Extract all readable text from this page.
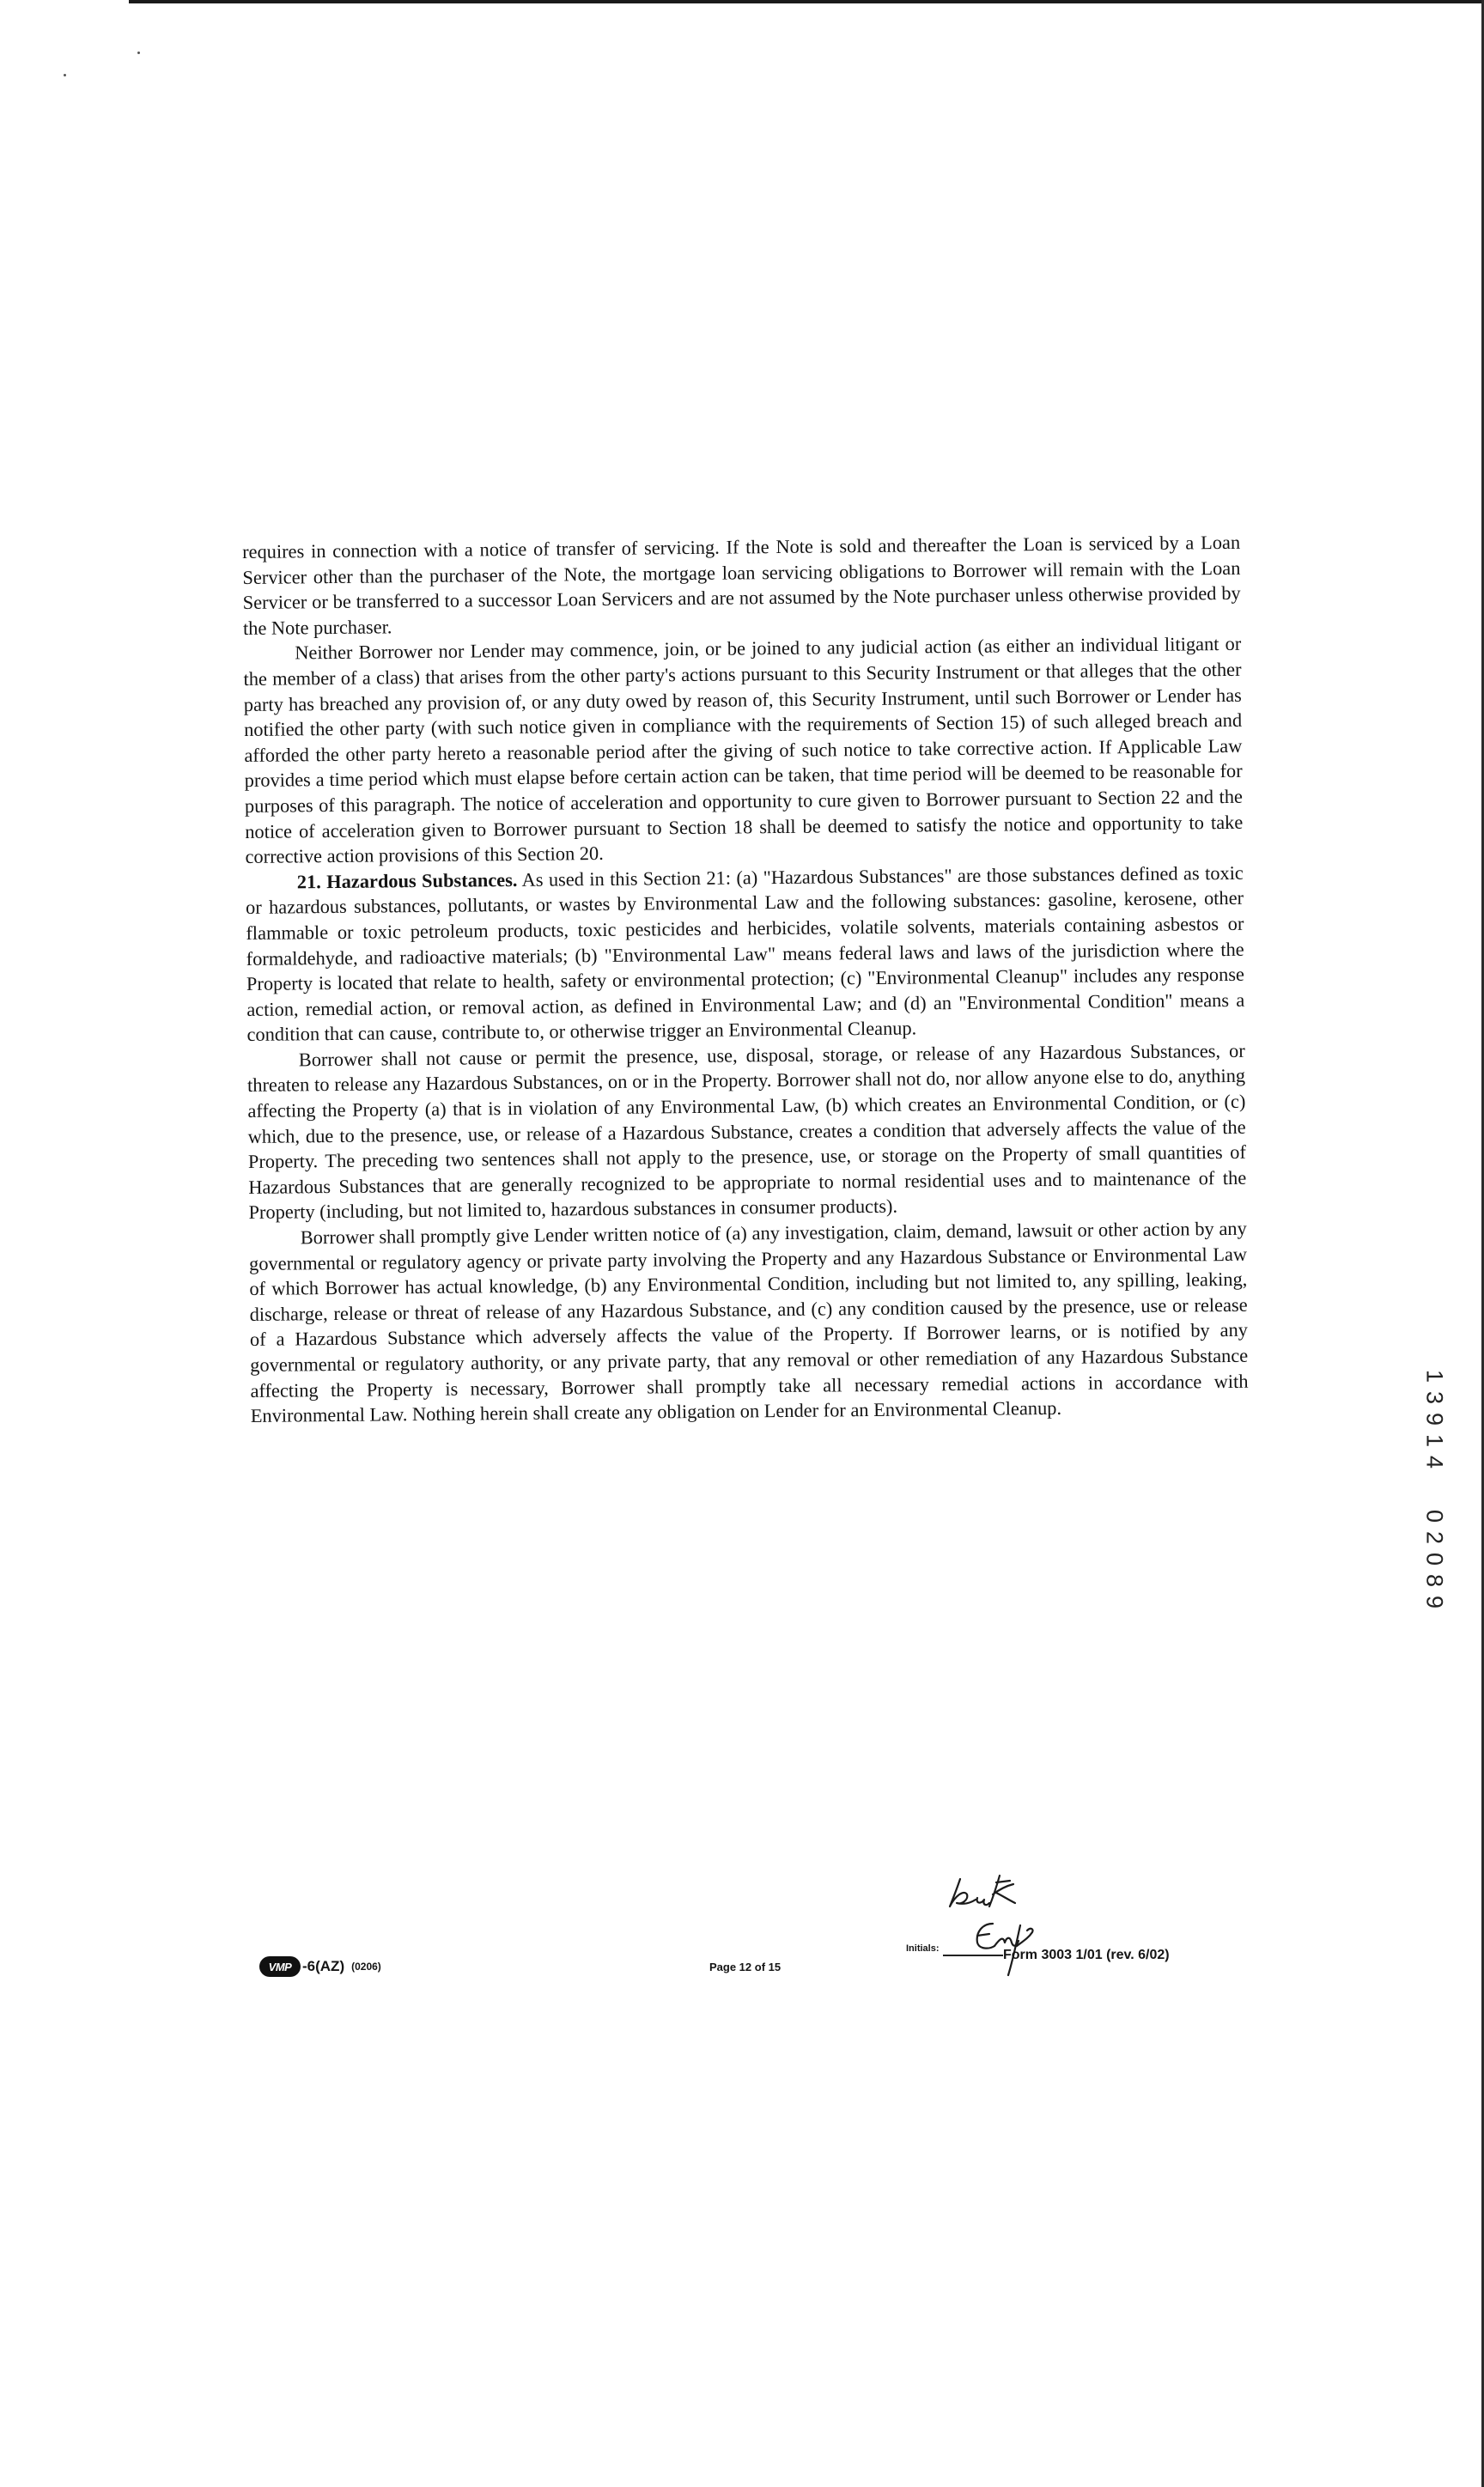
requires in connection with a notice of transfer of servicing. If the Note is sold and thereafter the Loan is serviced by a Loan Servicer other than the purchaser of the Note, the mortgage loan servicing obligations to Borrower will remain with the Loan Servicer or be transferred to a successor Loan Servicers and are not assumed by the Note purchaser unless otherwise provided by the Note purchaser.

Neither Borrower nor Lender may commence, join, or be joined to any judicial action (as either an individual litigant or the member of a class) that arises from the other party's actions pursuant to this Security Instrument or that alleges that the other party has breached any provision of, or any duty owed by reason of, this Security Instrument, until such Borrower or Lender has notified the other party (with such notice given in compliance with the requirements of Section 15) of such alleged breach and afforded the other party hereto a reasonable period after the giving of such notice to take corrective action. If Applicable Law provides a time period which must elapse before certain action can be taken, that time period will be deemed to be reasonable for purposes of this paragraph. The notice of acceleration and opportunity to cure given to Borrower pursuant to Section 22 and the notice of acceleration given to Borrower pursuant to Section 18 shall be deemed to satisfy the notice and opportunity to take corrective action provisions of this Section 20.

21. Hazardous Substances. As used in this Section 21: (a) "Hazardous Substances" are those substances defined as toxic or hazardous substances, pollutants, or wastes by Environmental Law and the following substances: gasoline, kerosene, other flammable or toxic petroleum products, toxic pesticides and herbicides, volatile solvents, materials containing asbestos or formaldehyde, and radioactive materials; (b) "Environmental Law" means federal laws and laws of the jurisdiction where the Property is located that relate to health, safety or environmental protection; (c) "Environmental Cleanup" includes any response action, remedial action, or removal action, as defined in Environmental Law; and (d) an "Environmental Condition" means a condition that can cause, contribute to, or otherwise trigger an Environmental Cleanup.

Borrower shall not cause or permit the presence, use, disposal, storage, or release of any Hazardous Substances, or threaten to release any Hazardous Substances, on or in the Property. Borrower shall not do, nor allow anyone else to do, anything affecting the Property (a) that is in violation of any Environmental Law, (b) which creates an Environmental Condition, or (c) which, due to the presence, use, or release of a Hazardous Substance, creates a condition that adversely affects the value of the Property. The preceding two sentences shall not apply to the presence, use, or storage on the Property of small quantities of Hazardous Substances that are generally recognized to be appropriate to normal residential uses and to maintenance of the Property (including, but not limited to, hazardous substances in consumer products).

Borrower shall promptly give Lender written notice of (a) any investigation, claim, demand, lawsuit or other action by any governmental or regulatory agency or private party involving the Property and any Hazardous Substance or Environmental Law of which Borrower has actual knowledge, (b) any Environmental Condition, including but not limited to, any spilling, leaking, discharge, release or threat of release of any Hazardous Substance, and (c) any condition caused by the presence, use or release of a Hazardous Substance which adversely affects the value of the Property. If Borrower learns, or is notified by any governmental or regulatory authority, or any private party, that any removal or other remediation of any Hazardous Substance affecting the Property is necessary, Borrower shall promptly take all necessary remedial actions in accordance with Environmental Law. Nothing herein shall create any obligation on Lender for an Environmental Cleanup.

VMP -6(AZ) (0206)	Page 12 of 15
Initials:	Form 3003 1/01 (rev. 6/02)
1
3
9
1
4
0
2
0
8
9
